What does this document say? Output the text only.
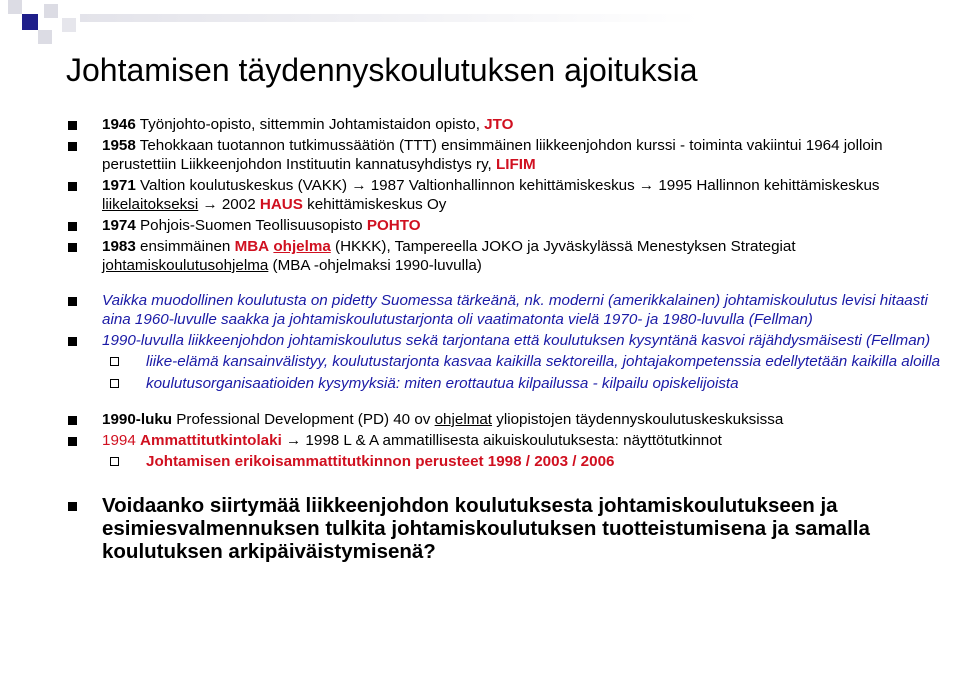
Johtamisen täydennyskoulutuksen ajoituksia
1946 Työnjohto-opisto, sittemmin Johtamistaidon opisto, JTO
1958 Tehokkaan tuotannon tutkimussäätiön (TTT) ensimmäinen liikkeenjohdon kurssi - toiminta vakiintui 1964 jolloin perustettiin Liikkeenjohdon Instituutin kannatusyhdistys ry, LIFIM
1971 Valtion koulutuskeskus (VAKK) → 1987 Valtionhallinnon kehittämiskeskus → 1995 Hallinnon kehittämiskeskus liikelaitokseksi → 2002 HAUS kehittämiskeskus Oy
1974 Pohjois-Suomen Teollisuusopisto POHTO
1983 ensimmäinen MBA ohjelma (HKKK), Tampereella JOKO ja Jyväskylässä Menestyksen Strategiat johtamiskoulutusohjelma (MBA -ohjelmaksi 1990-luvulla)
Vaikka muodollinen koulutusta on pidetty Suomessa tärkeänä, nk. moderni (amerikkalainen) johtamiskoulutus levisi hitaasti aina 1960-luvulle saakka ja johtamiskoulutustarjonta oli vaatimatonta vielä 1970- ja 1980-luvulla (Fellman)
1990-luvulla liikkeenjohdon johtamiskoulutus sekä tarjontana että koulutuksen kysyntänä kasvoi räjähdysmäisesti (Fellman)
liike-elämä kansainvälistyy, koulutustarjonta kasvaa kaikilla sektoreilla, johtajakompetenssia edellytetään kaikilla aloilla
koulutusorganisaatioiden kysymyksiä: miten erottautua kilpailussa - kilpailu opiskelijoista
1990-luku Professional Development (PD) 40 ov ohjelmat yliopistojen täydennyskoulutuskeskuksissa
1994 Ammattitutkintolaki → 1998 L & A ammatillisesta aikuiskoulutuksesta: näyttötutkinnot
Johtamisen erikoisammattitutkinnon perusteet 1998 / 2003 / 2006
Voidaanko siirtymää liikkeenjohdon koulutuksesta johtamiskoulutukseen ja esimiesvalmennuksen tulkita johtamiskoulutuksen tuotteistumisena ja samalla koulutuksen arkipäiväistymisenä?
